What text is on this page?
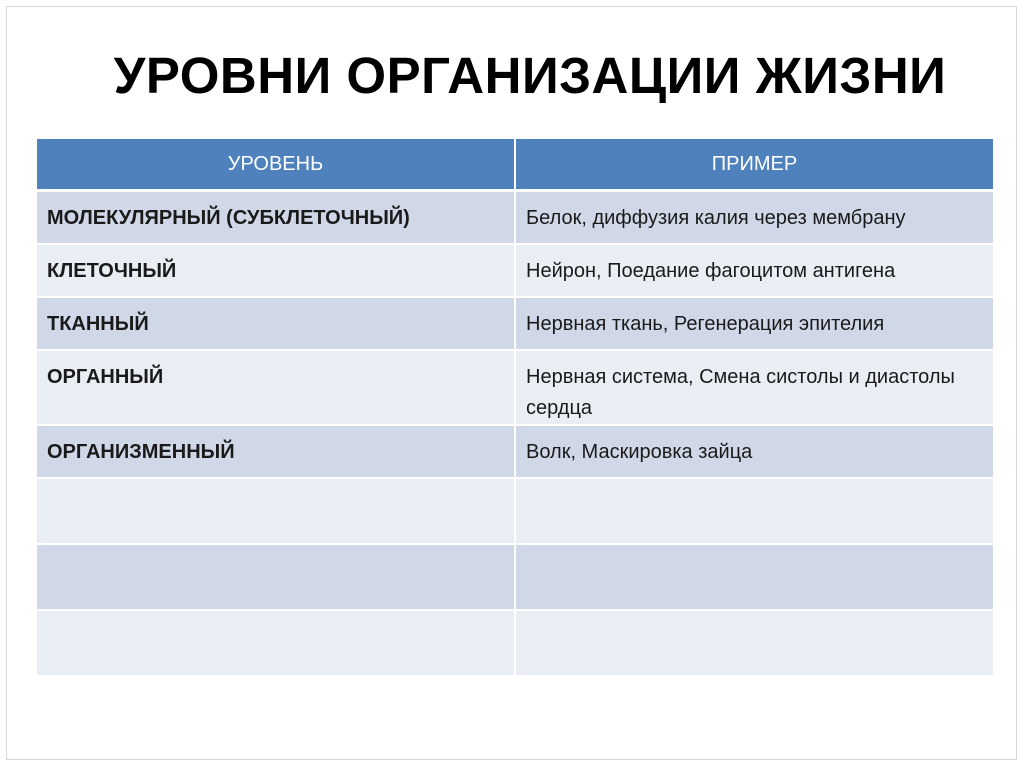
УРОВНИ ОРГАНИЗАЦИИ ЖИЗНИ
УРОВЕНЬ	ПРИМЕР
МОЛЕКУЛЯРНЫЙ (СУБКЛЕТОЧНЫЙ)	Белок, диффузия калия через мембрану
КЛЕТОЧНЫЙ	Нейрон, Поедание фагоцитом антигена
ТКАННЫЙ	Нервная ткань, Регенерация эпителия
ОРГАННЫЙ	Нервная система, Смена систолы и диастолы сердца
ОРГАНИЗМЕННЫЙ	Волк, Маскировка зайца
